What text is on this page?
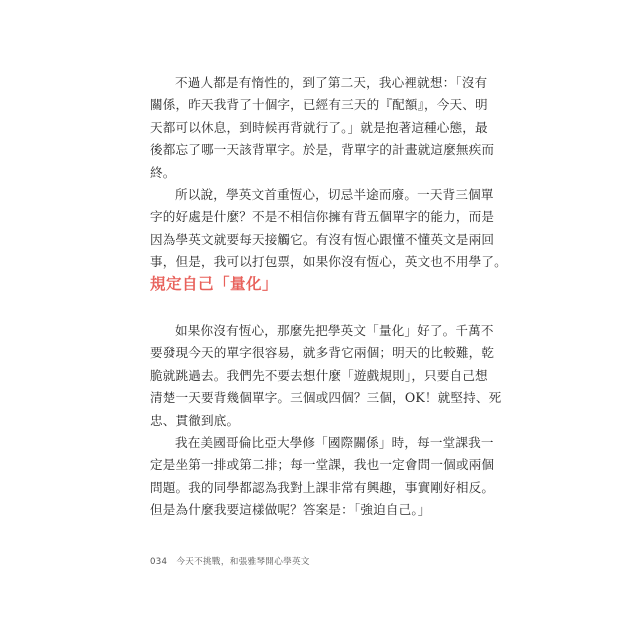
不過人都是有惰性的，到了第二天，我心裡就想：「沒有
關係，昨天我背了十個字，已經有三天的『配額』，今天、明
天都可以休息，到時候再背就行了。」就是抱著這種心態，最
後都忘了哪一天該背單字。於是，背單字的計畫就這麼無疾而
終。

所以說，學英文首重恆心，切忌半途而廢。一天背三個單
字的好處是什麼？不是不相信你擁有背五個單字的能力，而是
因為學英文就要每天接觸它。有沒有恆心跟懂不懂英文是兩回
事，但是，我可以打包票，如果你沒有恆心，英文也不用學了。

規定自己「量化」

如果你沒有恆心，那麼先把學英文「量化」好了。千萬不
要發現今天的單字很容易，就多背它兩個；明天的比較難，乾
脆就跳過去。我們先不要去想什麼「遊戲規則」，只要自己想
清楚一天要背幾個單字。三個或四個？三個，OK！就堅持、死
忠、貫徹到底。

我在美國哥倫比亞大學修「國際關係」時，每一堂課我一
定是坐第一排或第二排；每一堂課，我也一定會問一個或兩個
問題。我的同學都認為我對上課非常有興趣，事實剛好相反。
但是為什麼我要這樣做呢？答案是：「強迫自己。」

034 今天不挑戰，和張雅琴開心學英文
